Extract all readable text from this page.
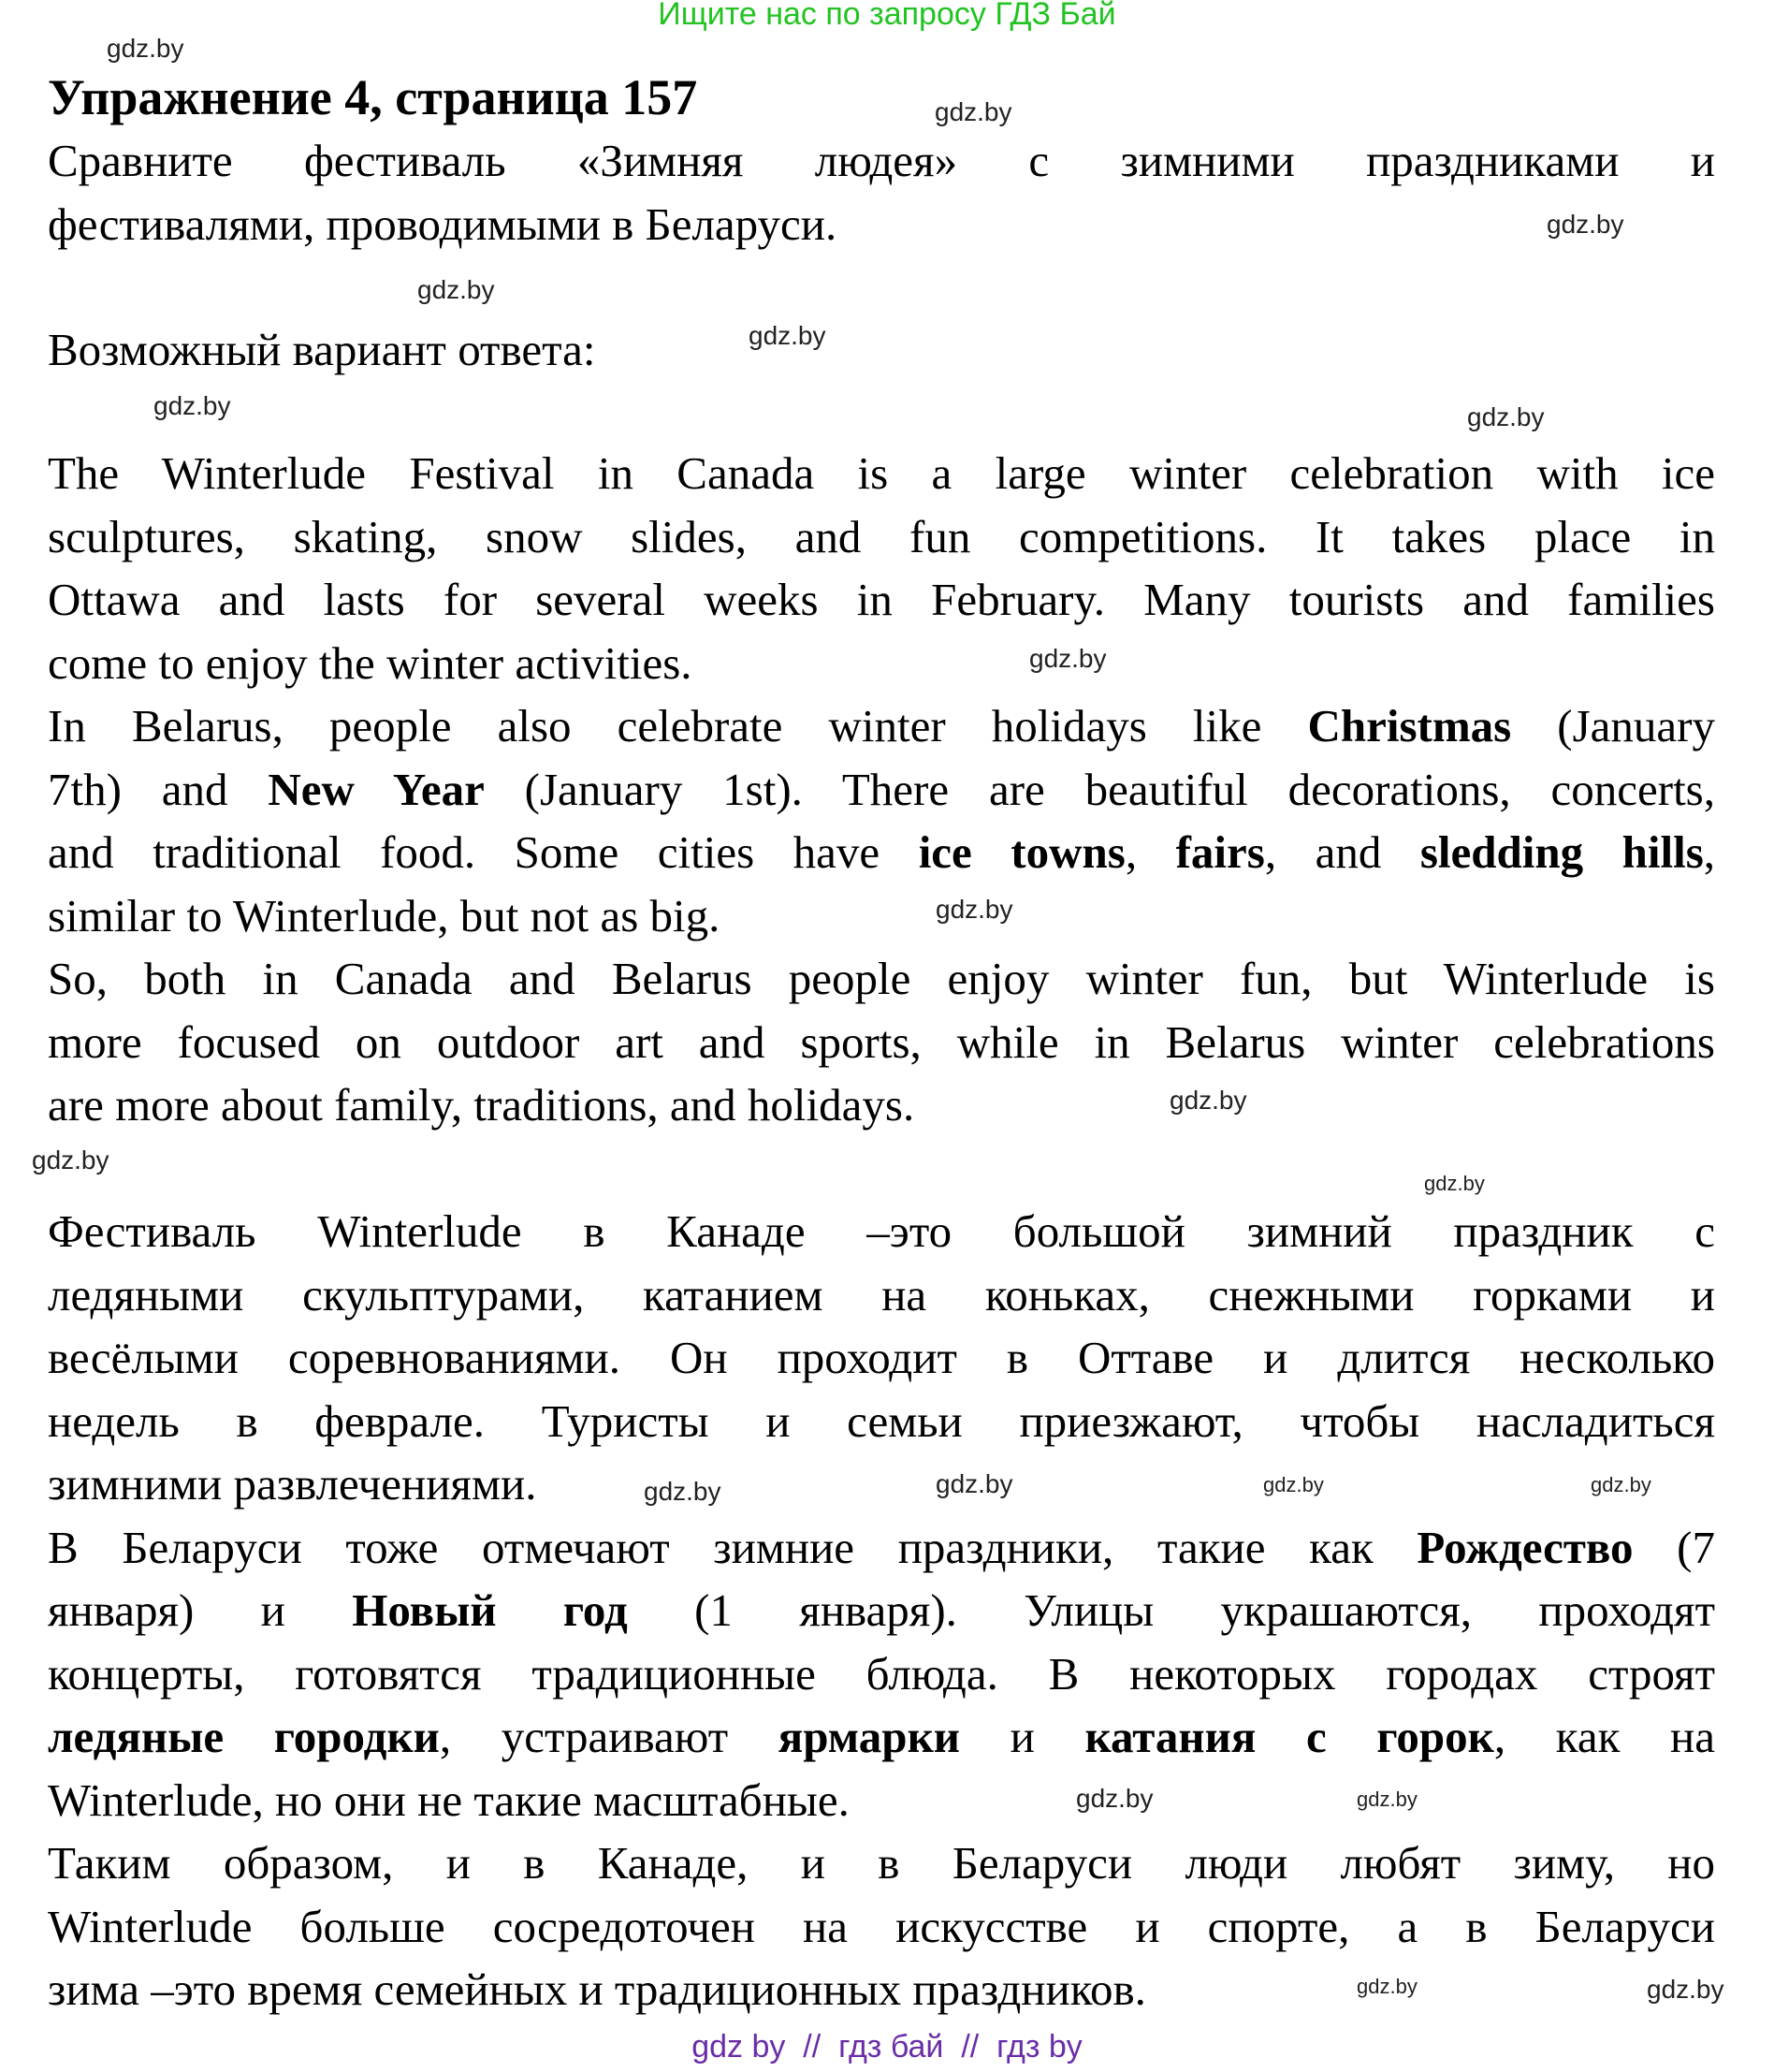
Ищите нас по запросу ГДЗ Бай
Упражнение 4, страница 157
Сравните фестиваль «Зимняя людея» с зимними праздниками и
фестивалями, проводимыми в Беларуси.
Возможный вариант ответа:
The Winterlude Festival in Canada is a large winter celebration with ice
sculptures, skating, snow slides, and fun competitions. It takes place in
Ottawa and lasts for several weeks in February. Many tourists and families
come to enjoy the winter activities.
In Belarus, people also celebrate winter holidays like Christmas (January
7th) and New Year (January 1st). There are beautiful decorations, concerts,
and traditional food. Some cities have ice towns, fairs, and sledding hills,
similar to Winterlude, but not as big.
So, both in Canada and Belarus people enjoy winter fun, but Winterlude is
more focused on outdoor art and sports, while in Belarus winter celebrations
are more about family, traditions, and holidays.
Фестиваль Winterlude в Канаде –это большой зимний праздник с
ледяными скульптурами, катанием на коньках, снежными горками и
весёлыми соревнованиями. Он проходит в Оттаве и длится несколько
недель в феврале. Туристы и семьи приезжают, чтобы насладиться
зимними развлечениями.
В Беларуси тоже отмечают зимние праздники, такие как Рождество (7
января) и Новый год (1 января). Улицы украшаются, проходят
концерты, готовятся традиционные блюда. В некоторых городах строят
ледяные городки, устраивают ярмарки и катания с горок, как на
Winterlude, но они не такие масштабные.
Таким образом, и в Канаде, и в Беларуси люди любят зиму, но
Winterlude больше сосредоточен на искусстве и спорте, а в Беларуси
зима –это время семейных и традиционных праздников.
gdz.by
gdz.by
gdz.by
gdz.by
gdz.by
gdz.by	gdz.by
gdz.by
gdz.by
gdz.by
gdz.by
gdz.by
gdz.by
gdz.by
gdz.by
gdz.by
gdz.by	gdz.by
gdz.by	gdz.by
gdz by  //  гдз бай  //  гдз by
